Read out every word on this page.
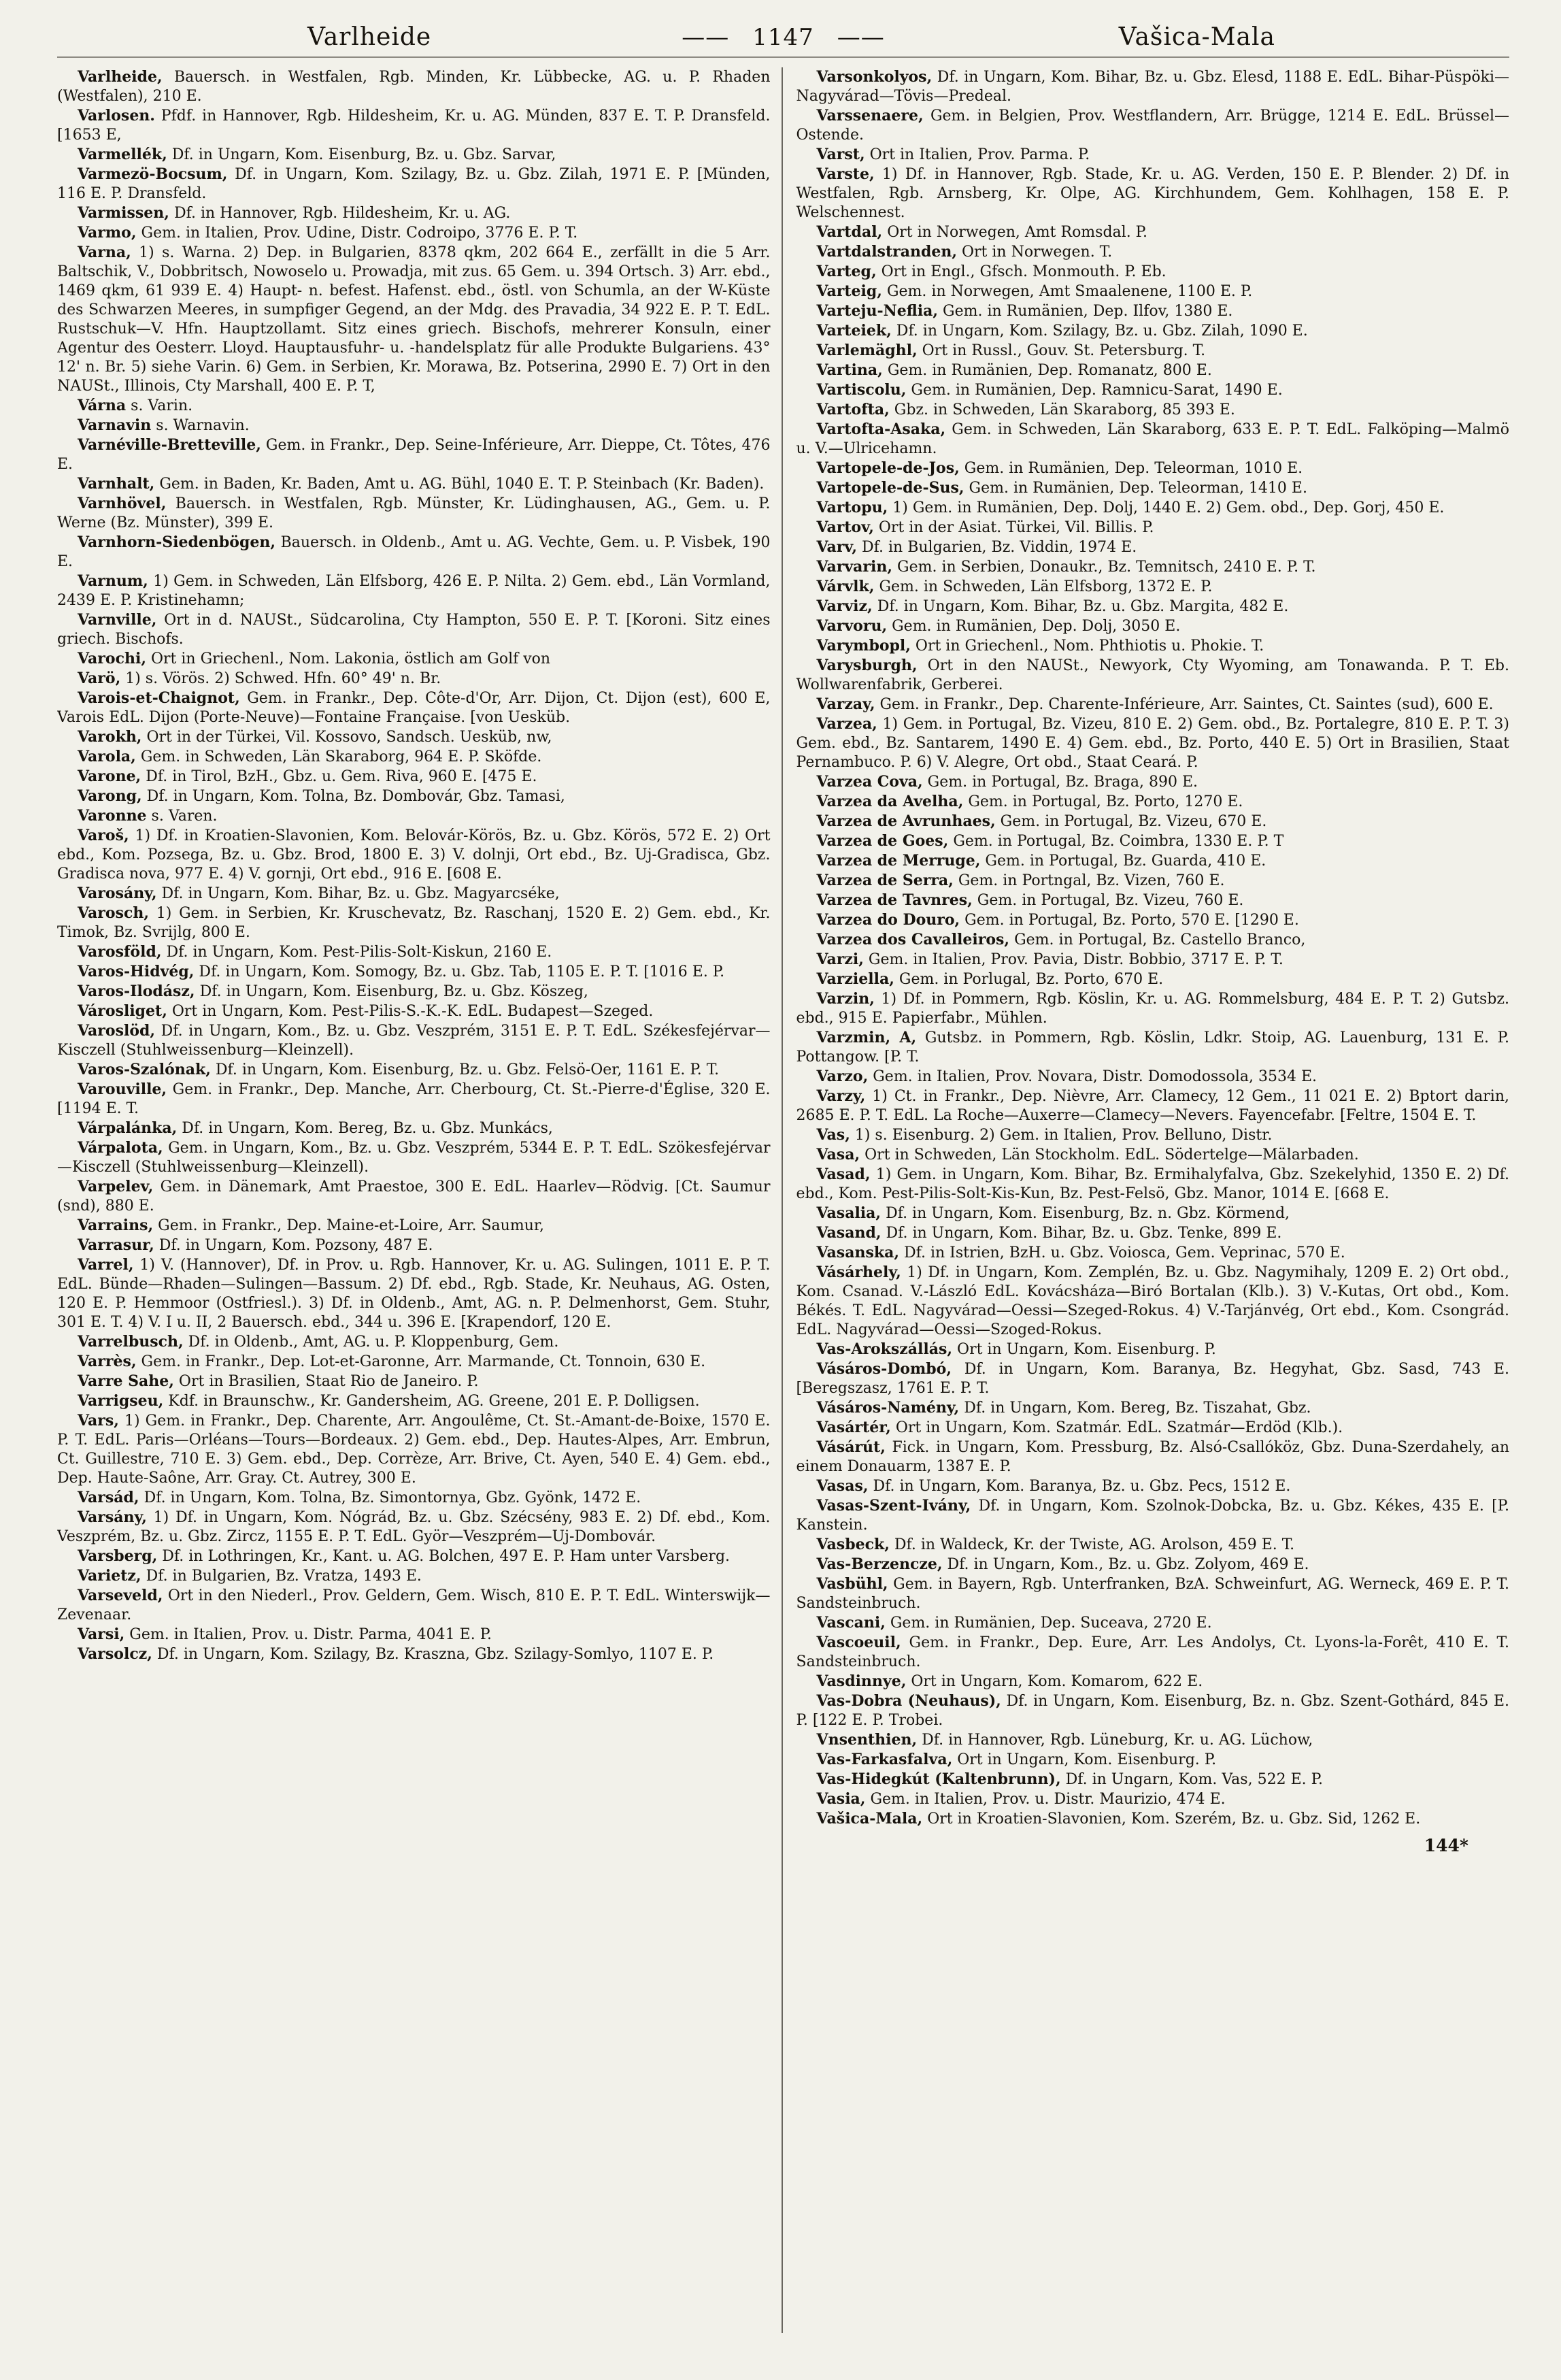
Varlheide	—— 1147 ——	Vašica-Mala

Varlheide, Bauersch. in Westfalen, Rgb. Minden, Kr. Lübbecke, AG. u. P. Rhaden (Westfalen), 210 E.

Varlosen. Pfdf. in Hannover, Rgb. Hildesheim, Kr. u. AG. Münden, 837 E. T. P. Dransfeld. [1653 E,

Varmellék, Df. in Ungarn, Kom. Eisenburg, Bz. u. Gbz. Sarvar,

Varmezö-Bocsum, Df. in Ungarn, Kom. Szilagy, Bz. u. Gbz. Zilah, 1971 E. P. [Münden, 116 E. P. Dransfeld.

Varmissen, Df. in Hannover, Rgb. Hildesheim, Kr. u. AG.

Varmo, Gem. in Italien, Prov. Udine, Distr. Codroipo, 3776 E. P. T.

Varna, 1) s. Warna. 2) Dep. in Bulgarien, 8378 qkm, 202 664 E., zerfällt in die 5 Arr. Baltschik, V., Dobbritsch, Nowoselo u. Prowadja, mit zus. 65 Gem. u. 394 Ortsch. 3) Arr. ebd., 1469 qkm, 61 939 E. 4) Haupt- n. befest. Hafenst. ebd., östl. von Schumla, an der W-Küste des Schwarzen Meeres, in sumpfiger Gegend, an der Mdg. des Pravadia, 34 922 E. P. T. EdL. Rustschuk—V. Hfn. Hauptzollamt. Sitz eines griech. Bischofs, mehrerer Konsuln, einer Agentur des Oesterr. Lloyd. Hauptausfuhr- u. -handelsplatz für alle Produkte Bulgariens. 43° 12' n. Br. 5) siehe Varin. 6) Gem. in Serbien, Kr. Morawa, Bz. Potserina, 2990 E. 7) Ort in den NAUSt., Illinois, Cty Marshall, 400 E. P. T,

Várna s. Varin.

Varnavin s. Warnavin.

Varnéville-Bretteville, Gem. in Frankr., Dep. Seine-Inférieure, Arr. Dieppe, Ct. Tôtes, 476 E.

Varnhalt, Gem. in Baden, Kr. Baden, Amt u. AG. Bühl, 1040 E. T. P. Steinbach (Kr. Baden).

Varnhövel, Bauersch. in Westfalen, Rgb. Münster, Kr. Lüdinghausen, AG., Gem. u. P. Werne (Bz. Münster), 399 E.

Varnhorn-Siedenbögen, Bauersch. in Oldenb., Amt u. AG. Vechte, Gem. u. P. Visbek, 190 E.

Varnum, 1) Gem. in Schweden, Län Elfsborg, 426 E. P. Nilta. 2) Gem. ebd., Län Vormland, 2439 E. P. Kristinehamn;

Varnville, Ort in d. NAUSt., Südcarolina, Cty Hampton, 550 E. P. T. [Koroni. Sitz eines griech. Bischofs.

Varochi, Ort in Griechenl., Nom. Lakonia, östlich am Golf von

Varö, 1) s. Vörös. 2) Schwed. Hfn. 60° 49' n. Br.

Varois-et-Chaignot, Gem. in Frankr., Dep. Côte-d'Or, Arr. Dijon, Ct. Dijon (est), 600 E, Varois EdL. Dijon (Porte-Neuve)—Fontaine Française. [von Uesküb.

Varokh, Ort in der Türkei, Vil. Kossovo, Sandsch. Uesküb, nw,

Varola, Gem. in Schweden, Län Skaraborg, 964 E. P. Sköfde.

Varone, Df. in Tirol, BzH., Gbz. u. Gem. Riva, 960 E. [475 E.

Varong, Df. in Ungarn, Kom. Tolna, Bz. Dombovár, Gbz. Tamasi,

Varonne s. Varen.

Varoš, 1) Df. in Kroatien-Slavonien, Kom. Belovár-Körös, Bz. u. Gbz. Körös, 572 E. 2) Ort ebd., Kom. Pozsega, Bz. u. Gbz. Brod, 1800 E. 3) V. dolnji, Ort ebd., Bz. Uj-Gradisca, Gbz. Gradisca nova, 977 E. 4) V. gornji, Ort ebd., 916 E. [608 E.

Varosány, Df. in Ungarn, Kom. Bihar, Bz. u. Gbz. Magyarcséke,

Varosch, 1) Gem. in Serbien, Kr. Kruschevatz, Bz. Raschanj, 1520 E. 2) Gem. ebd., Kr. Timok, Bz. Svrijlg, 800 E.

Varosföld, Df. in Ungarn, Kom. Pest-Pilis-Solt-Kiskun, 2160 E.

Varos-Hidvég, Df. in Ungarn, Kom. Somogy, Bz. u. Gbz. Tab, 1105 E. P. T. [1016 E. P.

Varos-Ilodász, Df. in Ungarn, Kom. Eisenburg, Bz. u. Gbz. Köszeg,

Városliget, Ort in Ungarn, Kom. Pest-Pilis-S.-K.-K. EdL. Budapest—Szeged.

Varoslöd, Df. in Ungarn, Kom., Bz. u. Gbz. Veszprém, 3151 E. P. T. EdL. Székesfejérvar—Kisczell (Stuhlweissenburg—Kleinzell).

Varos-Szalónak, Df. in Ungarn, Kom. Eisenburg, Bz. u. Gbz. Felsö-Oer, 1161 E. P. T.

Varouville, Gem. in Frankr., Dep. Manche, Arr. Cherbourg, Ct. St.-Pierre-d'Église, 320 E. [1194 E. T.

Várpalánka, Df. in Ungarn, Kom. Bereg, Bz. u. Gbz. Munkács,

Várpalota, Gem. in Ungarn, Kom., Bz. u. Gbz. Veszprém, 5344 E. P. T. EdL. Szökesfejérvar—Kisczell (Stuhlweissenburg—Kleinzell).

Varpelev, Gem. in Dänemark, Amt Praestoe, 300 E. EdL. Haarlev—Rödvig. [Ct. Saumur (snd), 880 E.

Varrains, Gem. in Frankr., Dep. Maine-et-Loire, Arr. Saumur,

Varrasur, Df. in Ungarn, Kom. Pozsony, 487 E.

Varrel, 1) V. (Hannover), Df. in Prov. u. Rgb. Hannover, Kr. u. AG. Sulingen, 1011 E. P. T. EdL. Bünde—Rhaden—Sulingen—Bassum. 2) Df. ebd., Rgb. Stade, Kr. Neuhaus, AG. Osten, 120 E. P. Hemmoor (Ostfriesl.). 3) Df. in Oldenb., Amt, AG. n. P. Delmenhorst, Gem. Stuhr, 301 E. T. 4) V. I u. II, 2 Bauersch. ebd., 344 u. 396 E. [Krapendorf, 120 E.

Varrelbusch, Df. in Oldenb., Amt, AG. u. P. Kloppenburg, Gem.

Varrès, Gem. in Frankr., Dep. Lot-et-Garonne, Arr. Marmande, Ct. Tonnoin, 630 E.

Varre Sahe, Ort in Brasilien, Staat Rio de Janeiro. P.

Varrigseu, Kdf. in Braunschw., Kr. Gandersheim, AG. Greene, 201 E. P. Dolligsen.

Vars, 1) Gem. in Frankr., Dep. Charente, Arr. Angoulême, Ct. St.-Amant-de-Boixe, 1570 E. P. T. EdL. Paris—Orléans—Tours—Bordeaux. 2) Gem. ebd., Dep. Hautes-Alpes, Arr. Embrun, Ct. Guillestre, 710 E. 3) Gem. ebd., Dep. Corrèze, Arr. Brive, Ct. Ayen, 540 E. 4) Gem. ebd., Dep. Haute-Saône, Arr. Gray. Ct. Autrey, 300 E.

Varsád, Df. in Ungarn, Kom. Tolna, Bz. Simontornya, Gbz. Gyönk, 1472 E.

Varsány, 1) Df. in Ungarn, Kom. Nógrád, Bz. u. Gbz. Szécsény, 983 E. 2) Df. ebd., Kom. Veszprém, Bz. u. Gbz. Zircz, 1155 E. P. T. EdL. Györ—Veszprém—Uj-Dombovár.

Varsberg, Df. in Lothringen, Kr., Kant. u. AG. Bolchen, 497 E. P. Ham unter Varsberg.

Varietz, Df. in Bulgarien, Bz. Vratza, 1493 E.

Varseveld, Ort in den Niederl., Prov. Geldern, Gem. Wisch, 810 E. P. T. EdL. Winterswijk—Zevenaar.

Varsi, Gem. in Italien, Prov. u. Distr. Parma, 4041 E. P.

Varsolcz, Df. in Ungarn, Kom. Szilagy, Bz. Kraszna, Gbz. Szilagy-Somlyo, 1107 E. P.

Varsonkolyos, Df. in Ungarn, Kom. Bihar, Bz. u. Gbz. Elesd, 1188 E. EdL. Bihar-Püspöki—Nagyvárad—Tövis—Predeal.

Varssenaere, Gem. in Belgien, Prov. Westflandern, Arr. Brügge, 1214 E. EdL. Brüssel—Ostende.

Varst, Ort in Italien, Prov. Parma. P.

Varste, 1) Df. in Hannover, Rgb. Stade, Kr. u. AG. Verden, 150 E. P. Blender. 2) Df. in Westfalen, Rgb. Arnsberg, Kr. Olpe, AG. Kirchhundem, Gem. Kohlhagen, 158 E. P. Welschennest.

Vartdal, Ort in Norwegen, Amt Romsdal. P.

Vartdalstranden, Ort in Norwegen. T.

Varteg, Ort in Engl., Gfsch. Monmouth. P. Eb.

Varteig, Gem. in Norwegen, Amt Smaalenene, 1100 E. P.

Varteju-Neflia, Gem. in Rumänien, Dep. Ilfov, 1380 E.

Varteiek, Df. in Ungarn, Kom. Szilagy, Bz. u. Gbz. Zilah, 1090 E.

Varlemäghl, Ort in Russl., Gouv. St. Petersburg. T.

Vartina, Gem. in Rumänien, Dep. Romanatz, 800 E.

Vartiscolu, Gem. in Rumänien, Dep. Ramnicu-Sarat, 1490 E.

Vartofta, Gbz. in Schweden, Län Skaraborg, 85 393 E.

Vartofta-Asaka, Gem. in Schweden, Län Skaraborg, 633 E. P. T. EdL. Falköping—Malmö u. V.—Ulricehamn.

Vartopele-de-Jos, Gem. in Rumänien, Dep. Teleorman, 1010 E.

Vartopele-de-Sus, Gem. in Rumänien, Dep. Teleorman, 1410 E.

Vartopu, 1) Gem. in Rumänien, Dep. Dolj, 1440 E. 2) Gem. obd., Dep. Gorj, 450 E.

Vartov, Ort in der Asiat. Türkei, Vil. Billis. P.

Varv, Df. in Bulgarien, Bz. Viddin, 1974 E.

Varvarin, Gem. in Serbien, Donaukr., Bz. Temnitsch, 2410 E. P. T.

Várvlk, Gem. in Schweden, Län Elfsborg, 1372 E. P.

Varviz, Df. in Ungarn, Kom. Bihar, Bz. u. Gbz. Margita, 482 E.

Varvoru, Gem. in Rumänien, Dep. Dolj, 3050 E.

Varymbopl, Ort in Griechenl., Nom. Phthiotis u. Phokie. T.

Varysburgh, Ort in den NAUSt., Newyork, Cty Wyoming, am Tonawanda. P. T. Eb. Wollwarenfabrik, Gerberei.

Varzay, Gem. in Frankr., Dep. Charente-Inférieure, Arr. Saintes, Ct. Saintes (sud), 600 E.

Varzea, 1) Gem. in Portugal, Bz. Vizeu, 810 E. 2) Gem. obd., Bz. Portalegre, 810 E. P. T. 3) Gem. ebd., Bz. Santarem, 1490 E. 4) Gem. ebd., Bz. Porto, 440 E. 5) Ort in Brasilien, Staat Pernambuco. P. 6) V. Alegre, Ort obd., Staat Ceará. P.

Varzea Cova, Gem. in Portugal, Bz. Braga, 890 E.

Varzea da Avelha, Gem. in Portugal, Bz. Porto, 1270 E.

Varzea de Avrunhaes, Gem. in Portugal, Bz. Vizeu, 670 E.

Varzea de Goes, Gem. in Portugal, Bz. Coimbra, 1330 E. P. T

Varzea de Merruge, Gem. in Portugal, Bz. Guarda, 410 E.

Varzea de Serra, Gem. in Portngal, Bz. Vizen, 760 E.

Varzea de Tavnres, Gem. in Portugal, Bz. Vizeu, 760 E.

Varzea do Douro, Gem. in Portugal, Bz. Porto, 570 E. [1290 E.

Varzea dos Cavalleiros, Gem. in Portugal, Bz. Castello Branco,

Varzi, Gem. in Italien, Prov. Pavia, Distr. Bobbio, 3717 E. P. T.

Varziella, Gem. in Porlugal, Bz. Porto, 670 E.

Varzin, 1) Df. in Pommern, Rgb. Köslin, Kr. u. AG. Rommelsburg, 484 E. P. T. 2) Gutsbz. ebd., 915 E. Papierfabr., Mühlen.

Varzmin, A, Gutsbz. in Pommern, Rgb. Köslin, Ldkr. Stoip, AG. Lauenburg, 131 E. P. Pottangow. [P. T.

Varzo, Gem. in Italien, Prov. Novara, Distr. Domodossola, 3534 E.

Varzy, 1) Ct. in Frankr., Dep. Nièvre, Arr. Clamecy, 12 Gem., 11 021 E. 2) Bptort darin, 2685 E. P. T. EdL. La Roche—Auxerre—Clamecy—Nevers. Fayencefabr. [Feltre, 1504 E. T.

Vas, 1) s. Eisenburg. 2) Gem. in Italien, Prov. Belluno, Distr.

Vasa, Ort in Schweden, Län Stockholm. EdL. Södertelge—Mälarbaden.

Vasad, 1) Gem. in Ungarn, Kom. Bihar, Bz. Ermihalyfalva, Gbz. Szekelyhid, 1350 E. 2) Df. ebd., Kom. Pest-Pilis-Solt-Kis-Kun, Bz. Pest-Felsö, Gbz. Manor, 1014 E. [668 E.

Vasalia, Df. in Ungarn, Kom. Eisenburg, Bz. n. Gbz. Körmend,

Vasand, Df. in Ungarn, Kom. Bihar, Bz. u. Gbz. Tenke, 899 E.

Vasanska, Df. in Istrien, BzH. u. Gbz. Voiosca, Gem. Veprinac, 570 E.

Vásárhely, 1) Df. in Ungarn, Kom. Zemplén, Bz. u. Gbz. Nagymihaly, 1209 E. 2) Ort obd., Kom. Csanad. V.-László EdL. Kovácsháza—Biró Bortalan (Klb.). 3) V.-Kutas, Ort obd., Kom. Békés. T. EdL. Nagyvárad—Oessi—Szeged-Rokus. 4) V.-Tarjánvég, Ort ebd., Kom. Csongrád. EdL. Nagyvárad—Oessi—Szoged-Rokus.

Vas-Arokszállás, Ort in Ungarn, Kom. Eisenburg. P.

Vásáros-Dombó, Df. in Ungarn, Kom. Baranya, Bz. Hegyhat, Gbz. Sasd, 743 E. [Beregszasz, 1761 E. P. T.

Vásáros-Namény, Df. in Ungarn, Kom. Bereg, Bz. Tiszahat, Gbz.

Vasártér, Ort in Ungarn, Kom. Szatmár. EdL. Szatmár—Erdöd (Klb.).

Vásárút, Fick. in Ungarn, Kom. Pressburg, Bz. Alsó-Csallóköz, Gbz. Duna-Szerdahely, an einem Donauarm, 1387 E. P.

Vasas, Df. in Ungarn, Kom. Baranya, Bz. u. Gbz. Pecs, 1512 E.

Vasas-Szent-Ivány, Df. in Ungarn, Kom. Szolnok-Dobcka, Bz. u. Gbz. Kékes, 435 E. [P. Kanstein.

Vasbeck, Df. in Waldeck, Kr. der Twiste, AG. Arolson, 459 E. T.

Vas-Berzencze, Df. in Ungarn, Kom., Bz. u. Gbz. Zolyom, 469 E.

Vasbühl, Gem. in Bayern, Rgb. Unterfranken, BzA. Schweinfurt, AG. Werneck, 469 E. P. T. Sandsteinbruch.

Vascani, Gem. in Rumänien, Dep. Suceava, 2720 E.

Vascoeuil, Gem. in Frankr., Dep. Eure, Arr. Les Andolys, Ct. Lyons-la-Forêt, 410 E. T. Sandsteinbruch.

Vasdinnye, Ort in Ungarn, Kom. Komarom, 622 E.

Vas-Dobra (Neuhaus), Df. in Ungarn, Kom. Eisenburg, Bz. n. Gbz. Szent-Gothárd, 845 E. P. [122 E. P. Trobei.

Vnsenthien, Df. in Hannover, Rgb. Lüneburg, Kr. u. AG. Lüchow,

Vas-Farkasfalva, Ort in Ungarn, Kom. Eisenburg. P.

Vas-Hidegkút (Kaltenbrunn), Df. in Ungarn, Kom. Vas, 522 E. P.

Vasia, Gem. in Italien, Prov. u. Distr. Maurizio, 474 E.

Vašica-Mala, Ort in Kroatien-Slavonien, Kom. Szerém, Bz. u. Gbz. Sid, 1262 E.

144*
